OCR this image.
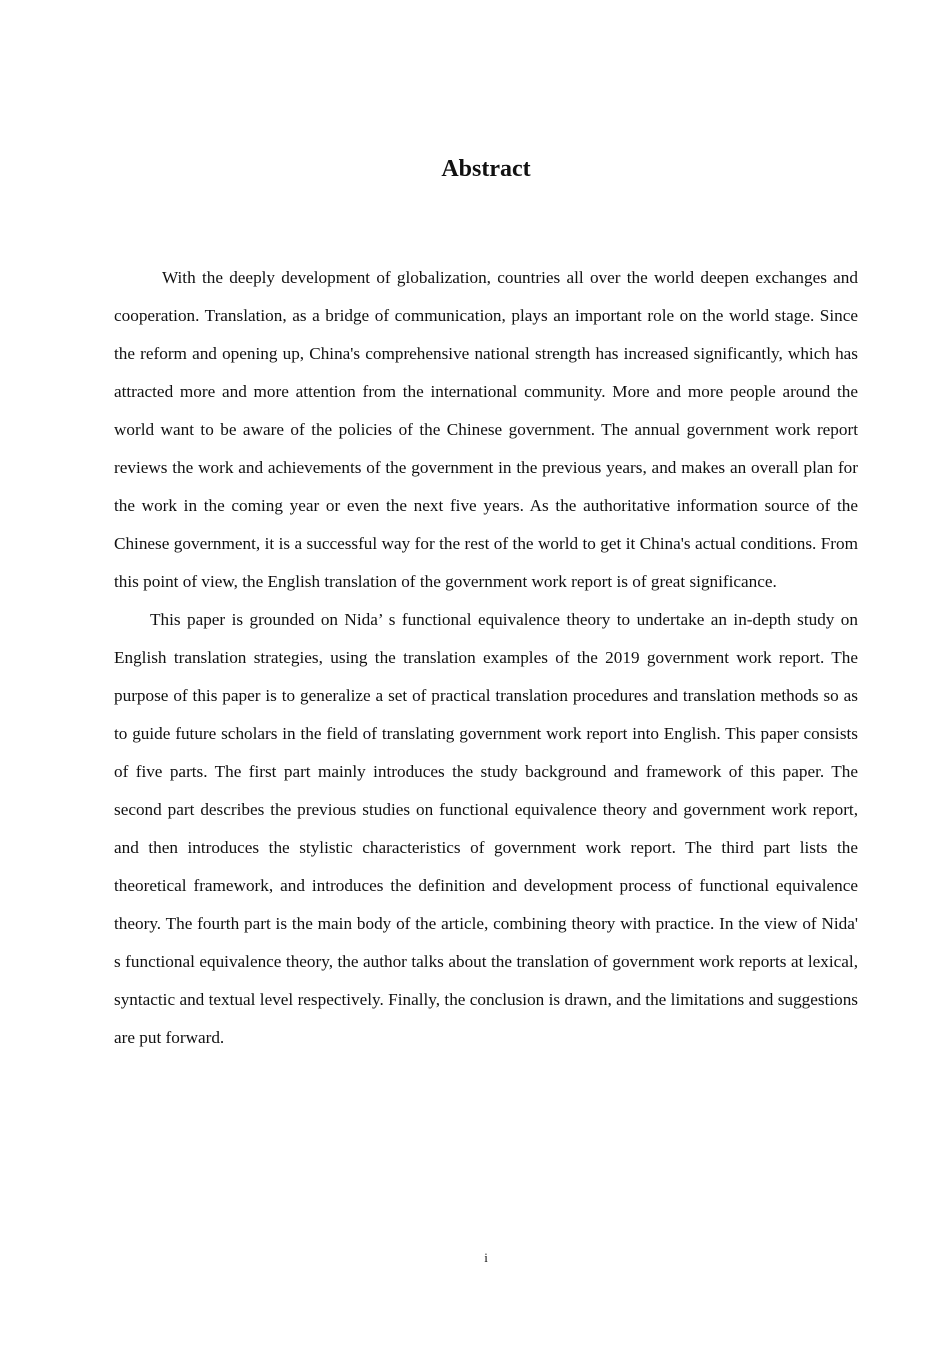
Abstract

With the deeply development of globalization, countries all over the world deepen exchanges and cooperation. Translation, as a bridge of communication, plays an important role on the world stage. Since the reform and opening up, China's comprehensive national strength has increased significantly, which has attracted more and more attention from the international community. More and more people around the world want to be aware of the policies of the Chinese government. The annual government work report reviews the work and achievements of the government in the previous years, and makes an overall plan for the work in the coming year or even the next five years. As the authoritative information source of the Chinese government, it is a successful way for the rest of the world to get it China's actual conditions. From this point of view, the English translation of the government work report is of great significance.

This paper is grounded on Nida’ s functional equivalence theory to undertake an in-depth study on English translation strategies, using the translation examples of the 2019 government work report. The purpose of this paper is to generalize a set of practical translation procedures and translation methods so as to guide future scholars in the field of translating government work report into English. This paper consists of five parts. The first part mainly introduces the study background and framework of this paper. The second part describes the previous studies on functional equivalence theory and government work report, and then introduces the stylistic characteristics of government work report. The third part lists the theoretical framework, and introduces the definition and development process of functional equivalence theory. The fourth part is the main body of the article, combining theory with practice. In the view of Nida' s functional equivalence theory, the author talks about the translation of government work reports at lexical, syntactic and textual level respectively. Finally, the conclusion is drawn, and the limitations and suggestions are put forward.

i
